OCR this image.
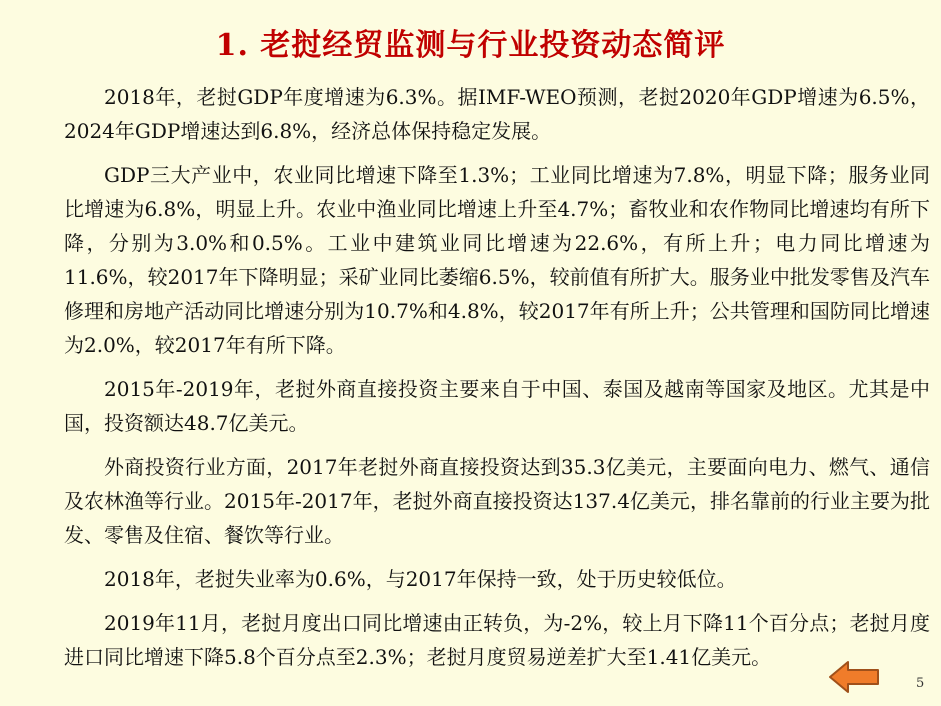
1. 老挝经贸监测与行业投资动态简评

2018年，老挝GDP年度增速为6.3%。据IMF-WEO预测，老挝2020年GDP增速为6.5%，2024年GDP增速达到6.8%，经济总体保持稳定发展。

GDP三大产业中，农业同比增速下降至1.3%；工业同比增速为7.8%，明显下降；服务业同比增速为6.8%，明显上升。农业中渔业同比增速上升至4.7%；畜牧业和农作物同比增速均有所下降，分别为3.0%和0.5%。工业中建筑业同比增速为22.6%，有所上升；电力同比增速为11.6%，较2017年下降明显；采矿业同比萎缩6.5%，较前值有所扩大。服务业中批发零售及汽车修理和房地产活动同比增速分别为10.7%和4.8%，较2017年有所上升；公共管理和国防同比增速为2.0%，较2017年有所下降。

2015年-2019年，老挝外商直接投资主要来自于中国、泰国及越南等国家及地区。尤其是中国，投资额达48.7亿美元。

外商投资行业方面，2017年老挝外商直接投资达到35.3亿美元，主要面向电力、燃气、通信及农林渔等行业。2015年-2017年，老挝外商直接投资达137.4亿美元，排名靠前的行业主要为批发、零售及住宿、餐饮等行业。

2018年，老挝失业率为0.6%，与2017年保持一致，处于历史较低位。

2019年11月，老挝月度出口同比增速由正转负，为-2%，较上月下降11个百分点；老挝月度进口同比增速下降5.8个百分点至2.3%；老挝月度贸易逆差扩大至1.41亿美元。

5
